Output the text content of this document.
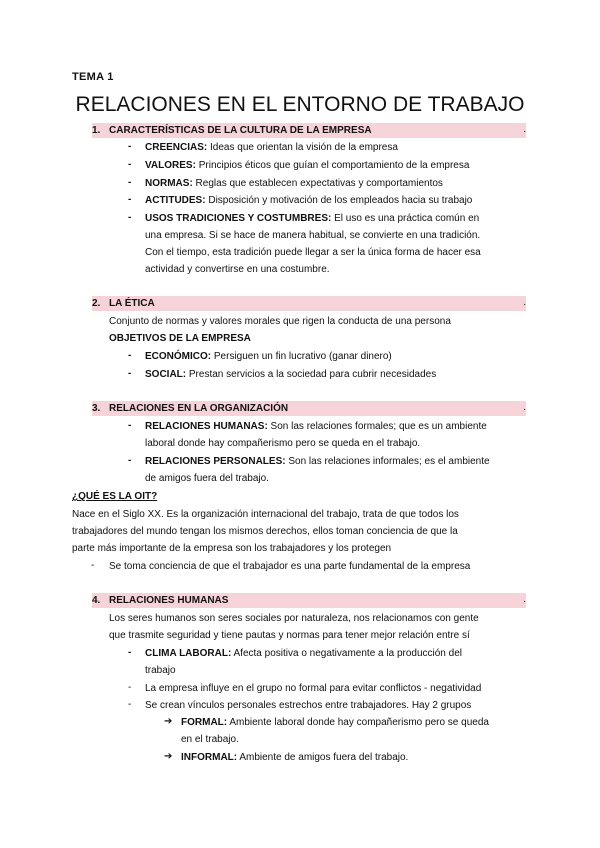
TEMA 1
RELACIONES EN EL ENTORNO DE TRABAJO
1. CARACTERÍSTICAS DE LA CULTURA DE LA EMPRESA	.
- CREENCIAS: Ideas que orientan la visión de la empresa
- VALORES: Principios éticos que guían el comportamiento de la empresa
- NORMAS: Reglas que establecen expectativas y comportamientos
- ACTITUDES: Disposición y motivación de los empleados hacia su trabajo
- USOS TRADICIONES Y COSTUMBRES: El uso es una práctica común en
una empresa. Si se hace de manera habitual, se convierte en una tradición.
Con el tiempo, esta tradición puede llegar a ser la única forma de hacer esa
actividad y convertirse en una costumbre.
2. LA ÉTICA	.
Conjunto de normas y valores morales que rigen la conducta de una persona
OBJETIVOS DE LA EMPRESA
- ECONÓMICO: Persiguen un fin lucrativo (ganar dinero)
- SOCIAL: Prestan servicios a la sociedad para cubrir necesidades
3. RELACIONES EN LA ORGANIZACIÓN	.
- RELACIONES HUMANAS: Son las relaciones formales; que es un ambiente
laboral donde hay compañerismo pero se queda en el trabajo.
- RELACIONES PERSONALES: Son las relaciones informales; es el ambiente
de amigos fuera del trabajo.
¿QUÉ ES LA OIT?
Nace en el Siglo XX. Es la organización internacional del trabajo, trata de que todos los
trabajadores del mundo tengan los mismos derechos, ellos toman conciencia de que la
parte más importante de la empresa son los trabajadores y los protegen
- Se toma conciencia de que el trabajador es una parte fundamental de la empresa
4. RELACIONES HUMANAS	.
Los seres humanos son seres sociales por naturaleza, nos relacionamos con gente
que trasmite seguridad y tiene pautas y normas para tener mejor relación entre sí
- CLIMA LABORAL: Afecta positiva o negativamente a la producción del
trabajo
- La empresa influye en el grupo no formal para evitar conflictos - negatividad
- Se crean vínculos personales estrechos entre trabajadores. Hay 2 grupos
➔ FORMAL: Ambiente laboral donde hay compañerismo pero se queda
en el trabajo.
➔ INFORMAL: Ambiente de amigos fuera del trabajo.
